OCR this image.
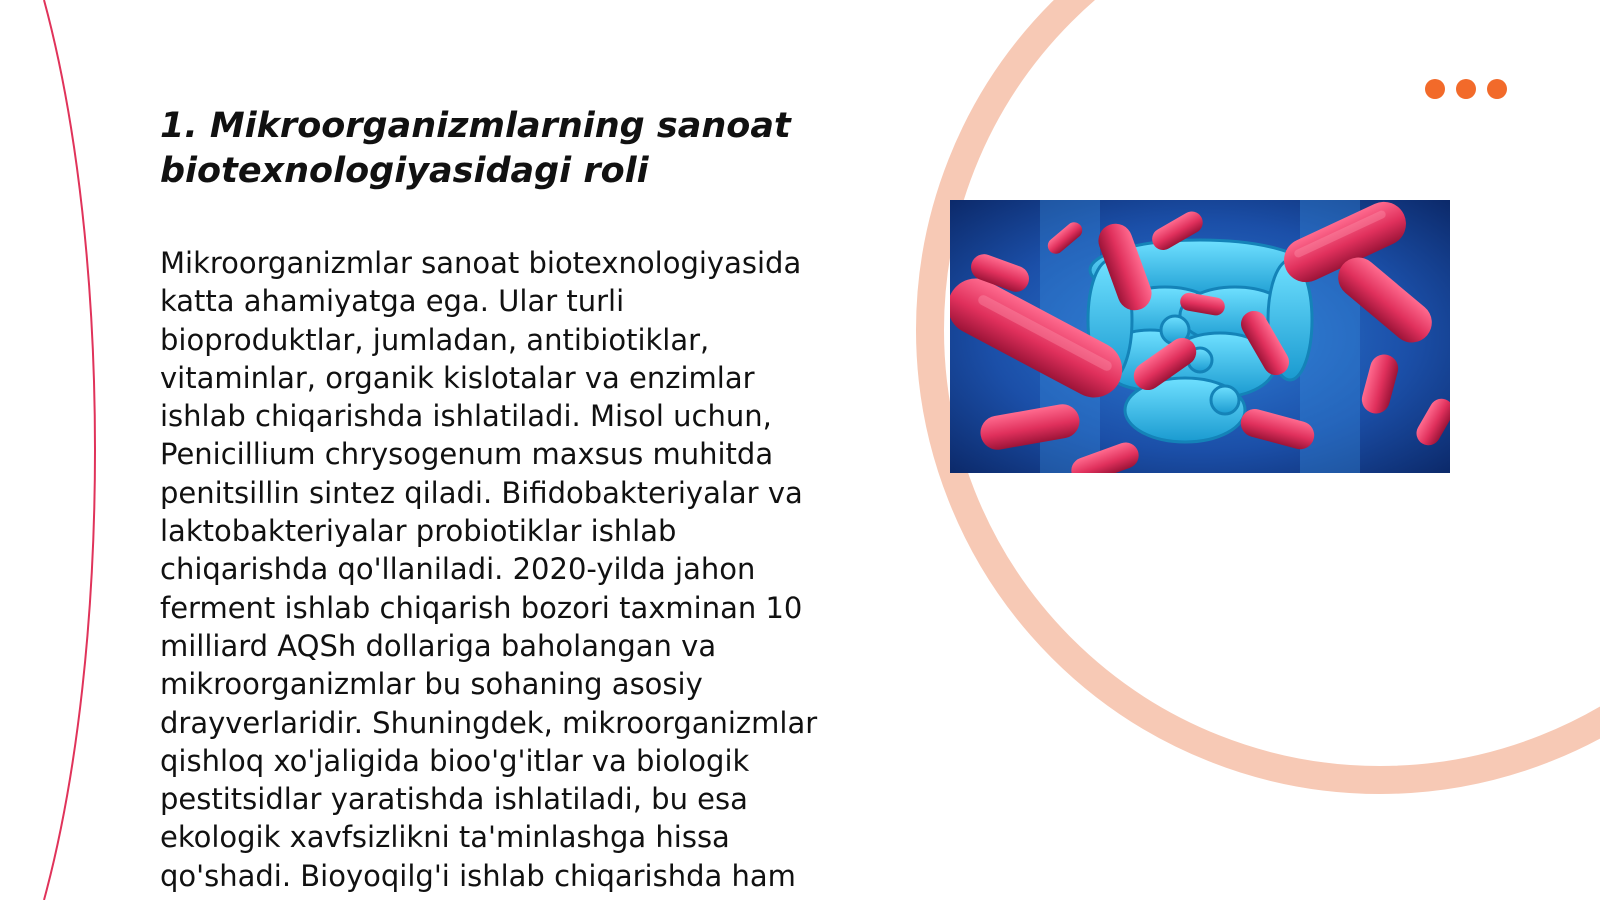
1. Mikroorganizmlarning sanoat biotexnologiyasidagi roli

Mikroorganizmlar sanoat biotexnologiyasida
katta ahamiyatga ega. Ular turli
bioproduktlar, jumladan, antibiotiklar,
vitaminlar, organik kislotalar va enzimlar
ishlab chiqarishda ishlatiladi. Misol uchun,
Penicillium chrysogenum maxsus muhitda
penitsillin sintez qiladi. Bifidobakteriyalar va
laktobakteriyalar probiotiklar ishlab
chiqarishda qo'llaniladi. 2020-yilda jahon
ferment ishlab chiqarish bozori taxminan 10
milliard AQSh dollariga baholangan va
mikroorganizmlar bu sohaning asosiy
drayverlaridir. Shuningdek, mikroorganizmlar
qishloq xo'jaligida bioo'g'itlar va biologik
pestitsidlar yaratishda ishlatiladi, bu esa
ekologik xavfsizlikni ta'minlashga hissa
qo'shadi. Bioyoqilg'i ishlab chiqarishda ham
